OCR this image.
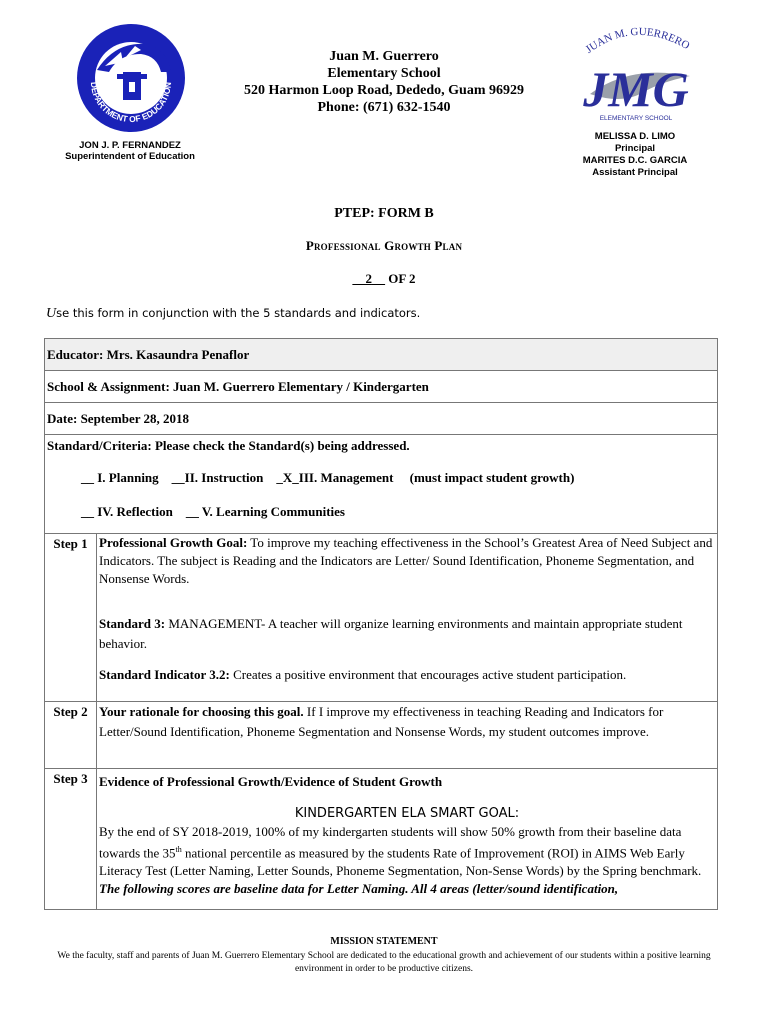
DEPARTMENT OF EDUCATION
JON J. P. FERNANDEZ
Superintendent of Education
Juan M. Guerrero
Elementary School
520 Harmon Loop Road, Dededo, Guam 96929
Phone: (671) 632-1540
JUAN M. GUERRERO
JMG
ELEMENTARY SCHOOL
MELISSA D. LIMO
Principal
MARITES D.C. GARCIA
Assistant Principal
PTEP: FORM B
Professional Growth Plan
__2__ OF 2
Use this form in conjunction with the 5 standards and indicators.
Educator: Mrs. Kasaundra Penaflor	
School & Assignment: Juan M. Guerrero Elementary / Kindergarten	
Date: September 28, 2018	

Standard/Criteria: Please check the Standard(s) being addressed.
__ I. Planning    __II. Instruction    _X_III. Management     (must impact student growth)
__ IV. Reflection    __ V. Learning Communities	

Step 1	Professional Growth Goal: To improve my teaching effectiveness in the School’s Greatest Area of Need Subject and Indicators. The subject is Reading and the Indicators are Letter/ Sound Identification, Phoneme Segmentation, and Nonsense Words.
Standard 3: MANAGEMENT- A teacher will organize learning environments and maintain appropriate student behavior.
Standard Indicator 3.2: Creates a positive environment that encourages active student participation.

Step 2	Your rationale for choosing this goal. If I improve my effectiveness in teaching Reading and Indicators for Letter/Sound Identification, Phoneme Segmentation and Nonsense Words, my student outcomes improve.
Step 3	Evidence of Professional Growth/Evidence of Student Growth
KINDERGARTEN ELA SMART GOAL:
By the end of SY 2018-2019, 100% of my kindergarten students will show 50% growth from their baseline data towards the 35th national percentile as measured by the students Rate of Improvement (ROI) in AIMS Web Early Literacy Test (Letter Naming, Letter Sounds, Phoneme Segmentation, Non-Sense Words) by the Spring benchmark.
The following scores are baseline data for Letter Naming. All 4 areas (letter/sound identification,
MISSION STATEMENT
We the faculty, staff and parents of Juan M. Guerrero Elementary School are dedicated to the educational growth and achievement of our students within a positive learning environment in order to be productive citizens.
